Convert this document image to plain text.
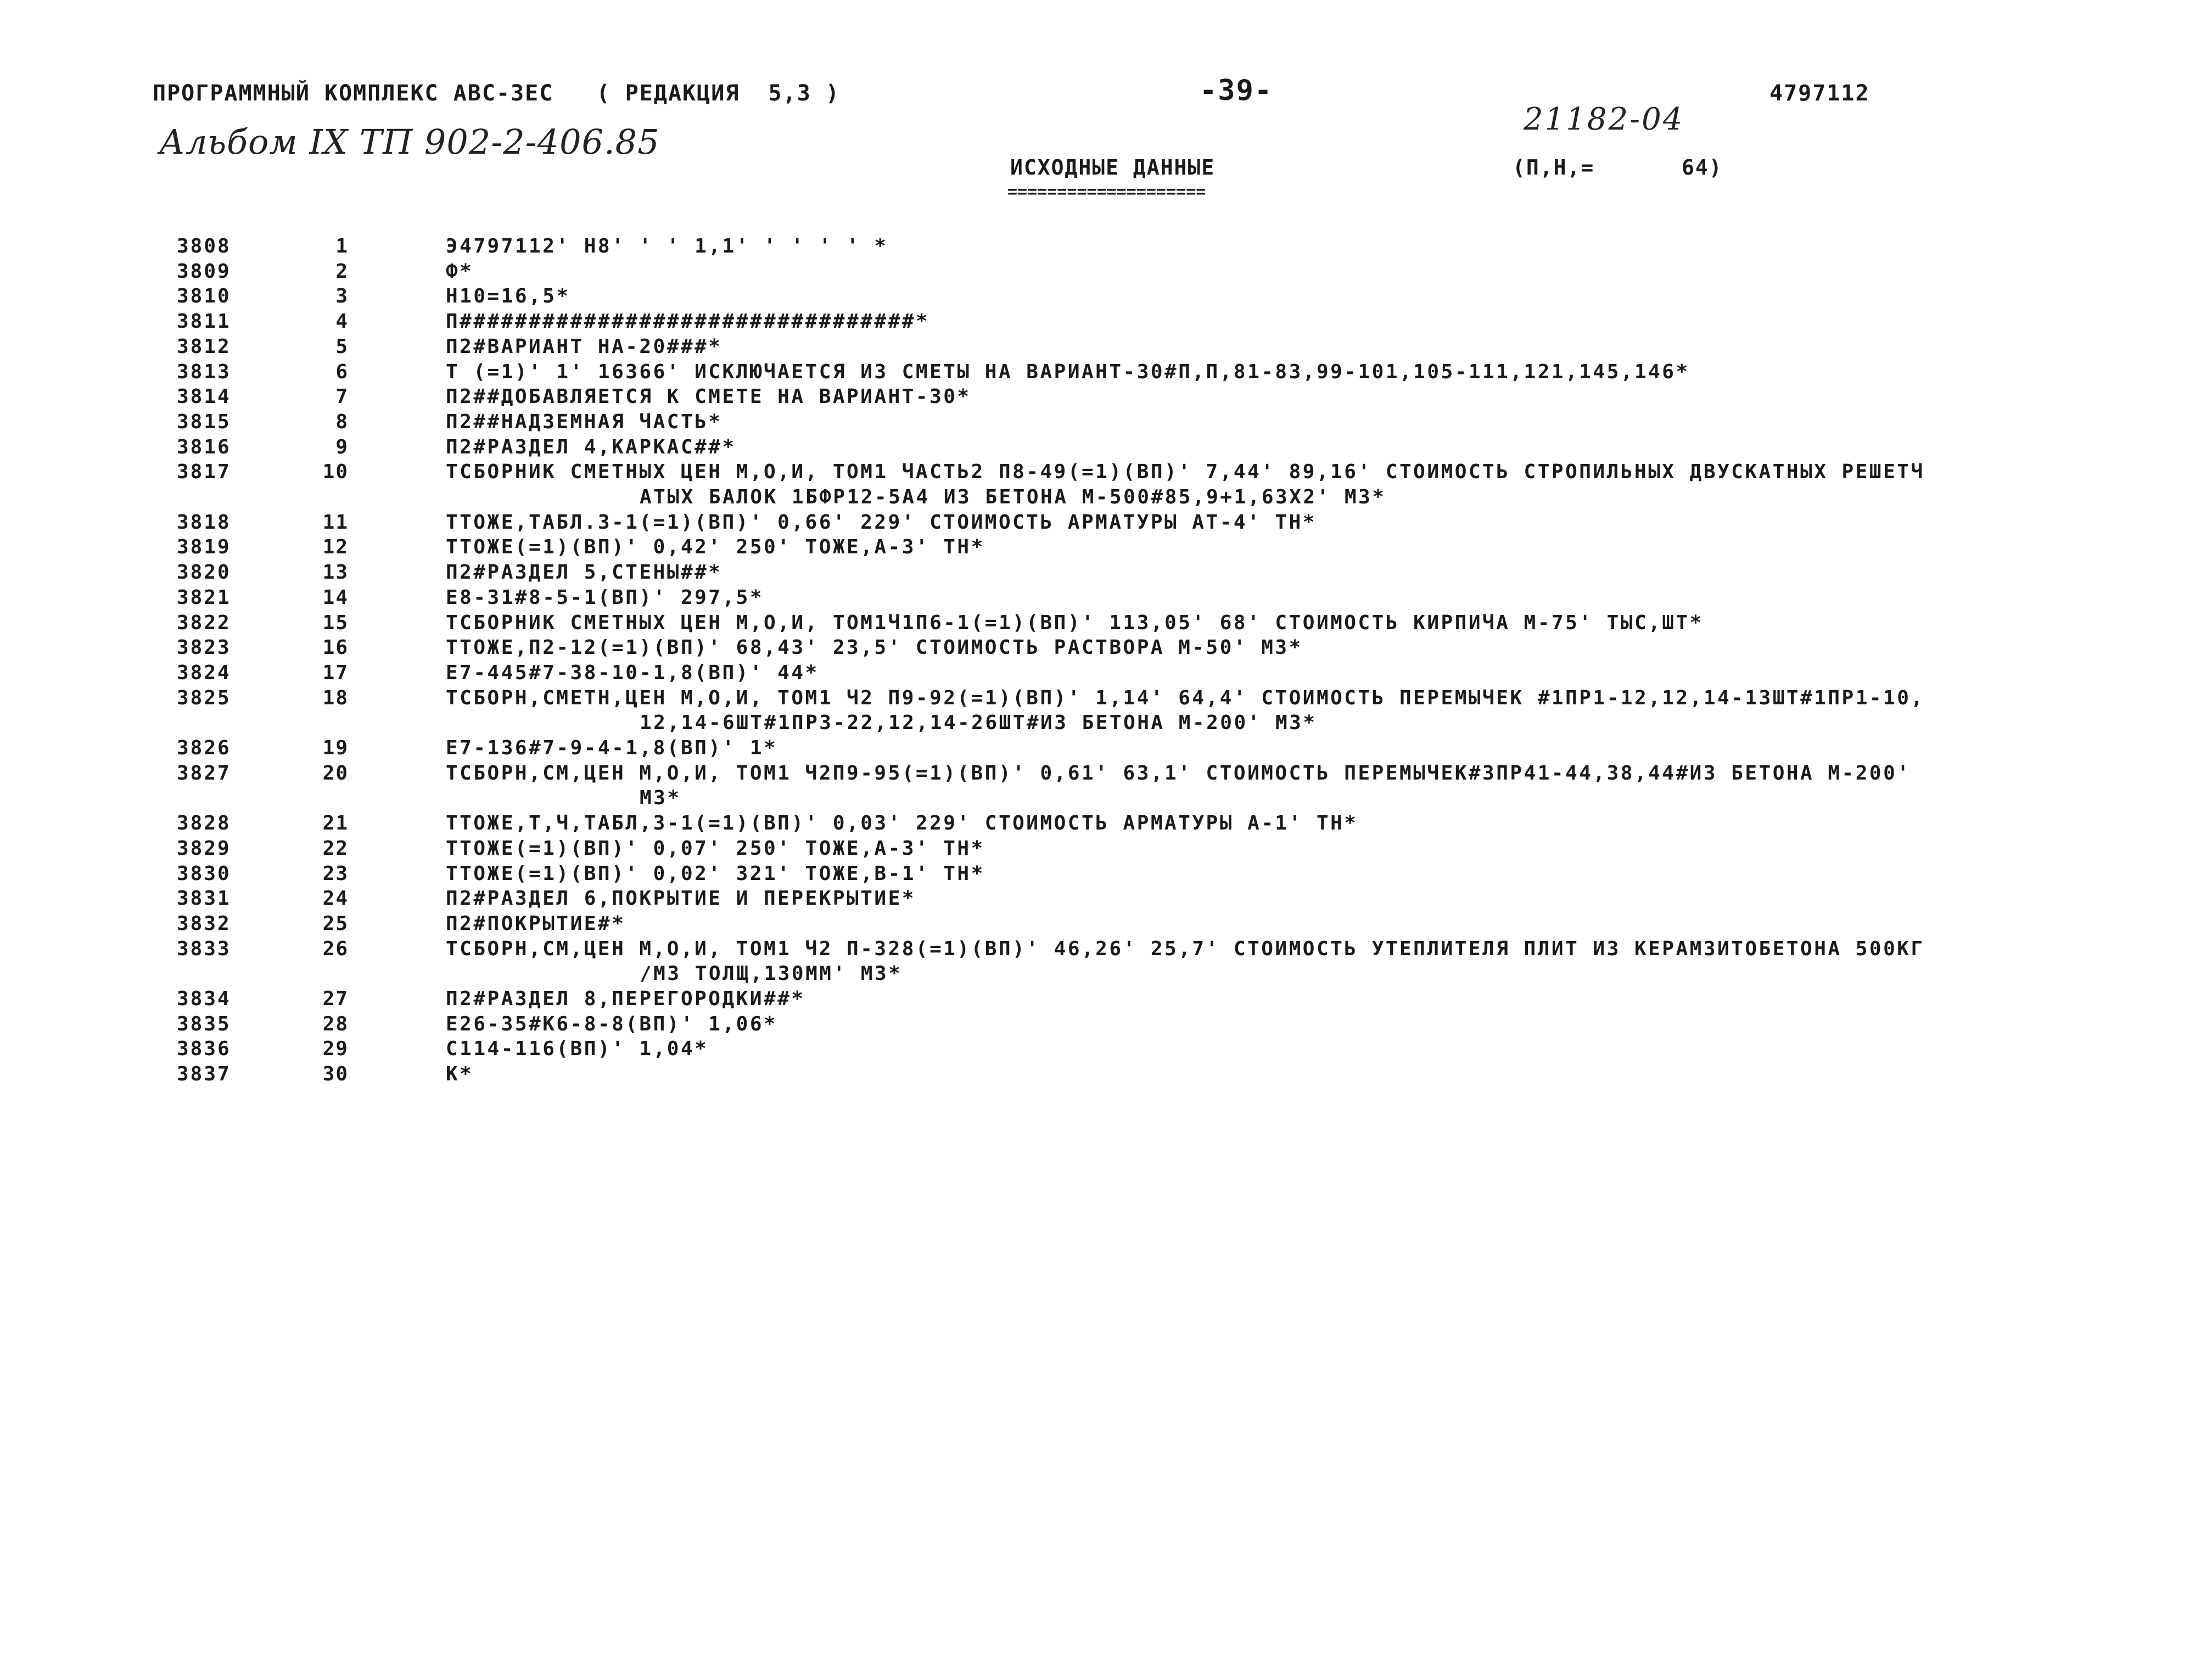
ПРОГРАММНЫЙ КОМПЛЕКС АВС-ЗЕС   ( РЕДАКЦИЯ  5,3 )	-39-	4797112
Альбом IX ТП 902-2-406.85
21182-04
ИСХОДНЫЕ ДАННЫЕ
====================
(П,Н,=	64)
3808	1	Э4797112' Н8' ' ' 1,1' ' ' ' ' *
3809	2	Ф*
3810	3	Н10=16,5*
3811	4	П#################################*
3812	5	П2#ВАРИАНТ НА-20###*
3813	6	Т (=1)' 1' 16366' ИСКЛЮЧАЕТСЯ ИЗ СМЕТЫ НА ВАРИАНТ-30#П,П,81-83,99-101,105-111,121,145,146*
3814	7	П2##ДОБАВЛЯЕТСЯ К СМЕТЕ НА ВАРИАНТ-30*
3815	8	П2##НАДЗЕМНАЯ ЧАСТЬ*
3816	9	П2#РАЗДЕЛ 4,КАРКАС##*
3817	10	ТСБОРНИК СМЕТНЫХ ЦЕН М,О,И, ТОМ1 ЧАСТЬ2 П8-49(=1)(ВП)' 7,44' 89,16' СТОИМОСТЬ СТРОПИЛЬНЫХ ДВУСКАТНЫХ РЕШЕТЧ
АТЫХ БАЛОК 1БФР12-5А4 ИЗ БЕТОНА М-500#85,9+1,63Х2' М3*
3818	11	ТТОЖЕ,ТАБЛ.3-1(=1)(ВП)' 0,66' 229' СТОИМОСТЬ АРМАТУРЫ АТ-4' ТН*
3819	12	ТТОЖЕ(=1)(ВП)' 0,42' 250' ТОЖЕ,А-3' ТН*
3820	13	П2#РАЗДЕЛ 5,СТЕНЫ##*
3821	14	Е8-31#8-5-1(ВП)' 297,5*
3822	15	ТСБОРНИК СМЕТНЫХ ЦЕН М,О,И, ТОМ1Ч1П6-1(=1)(ВП)' 113,05' 68' СТОИМОСТЬ КИРПИЧА М-75' ТЫС,ШТ*
3823	16	ТТОЖЕ,П2-12(=1)(ВП)' 68,43' 23,5' СТОИМОСТЬ РАСТВОРА М-50' М3*
3824	17	Е7-445#7-38-10-1,8(ВП)' 44*
3825	18	ТСБОРН,СМЕТН,ЦЕН М,О,И, ТОМ1 Ч2 П9-92(=1)(ВП)' 1,14' 64,4' СТОИМОСТЬ ПЕРЕМЫЧЕК #1ПР1-12,12,14-13ШТ#1ПР1-10,
12,14-6ШТ#1ПР3-22,12,14-26ШТ#ИЗ БЕТОНА М-200' М3*
3826	19	Е7-136#7-9-4-1,8(ВП)' 1*
3827	20	ТСБОРН,СМ,ЦЕН М,О,И, ТОМ1 Ч2П9-95(=1)(ВП)' 0,61' 63,1' СТОИМОСТЬ ПЕРЕМЫЧЕК#3ПР41-44,38,44#ИЗ БЕТОНА М-200'
М3*
3828	21	ТТОЖЕ,Т,Ч,ТАБЛ,3-1(=1)(ВП)' 0,03' 229' СТОИМОСТЬ АРМАТУРЫ А-1' ТН*
3829	22	ТТОЖЕ(=1)(ВП)' 0,07' 250' ТОЖЕ,А-3' ТН*
3830	23	ТТОЖЕ(=1)(ВП)' 0,02' 321' ТОЖЕ,В-1' ТН*
3831	24	П2#РАЗДЕЛ 6,ПОКРЫТИЕ И ПЕРЕКРЫТИЕ*
3832	25	П2#ПОКРЫТИЕ#*
3833	26	ТСБОРН,СМ,ЦЕН М,О,И, ТОМ1 Ч2 П-328(=1)(ВП)' 46,26' 25,7' СТОИМОСТЬ УТЕПЛИТЕЛЯ ПЛИТ ИЗ КЕРАМЗИТОБЕТОНА 500КГ
/М3 ТОЛЩ,130ММ' М3*
3834	27	П2#РАЗДЕЛ 8,ПЕРЕГОРОДКИ##*
3835	28	Е26-35#К6-8-8(ВП)' 1,06*
3836	29	С114-116(ВП)' 1,04*
3837	30	К*
